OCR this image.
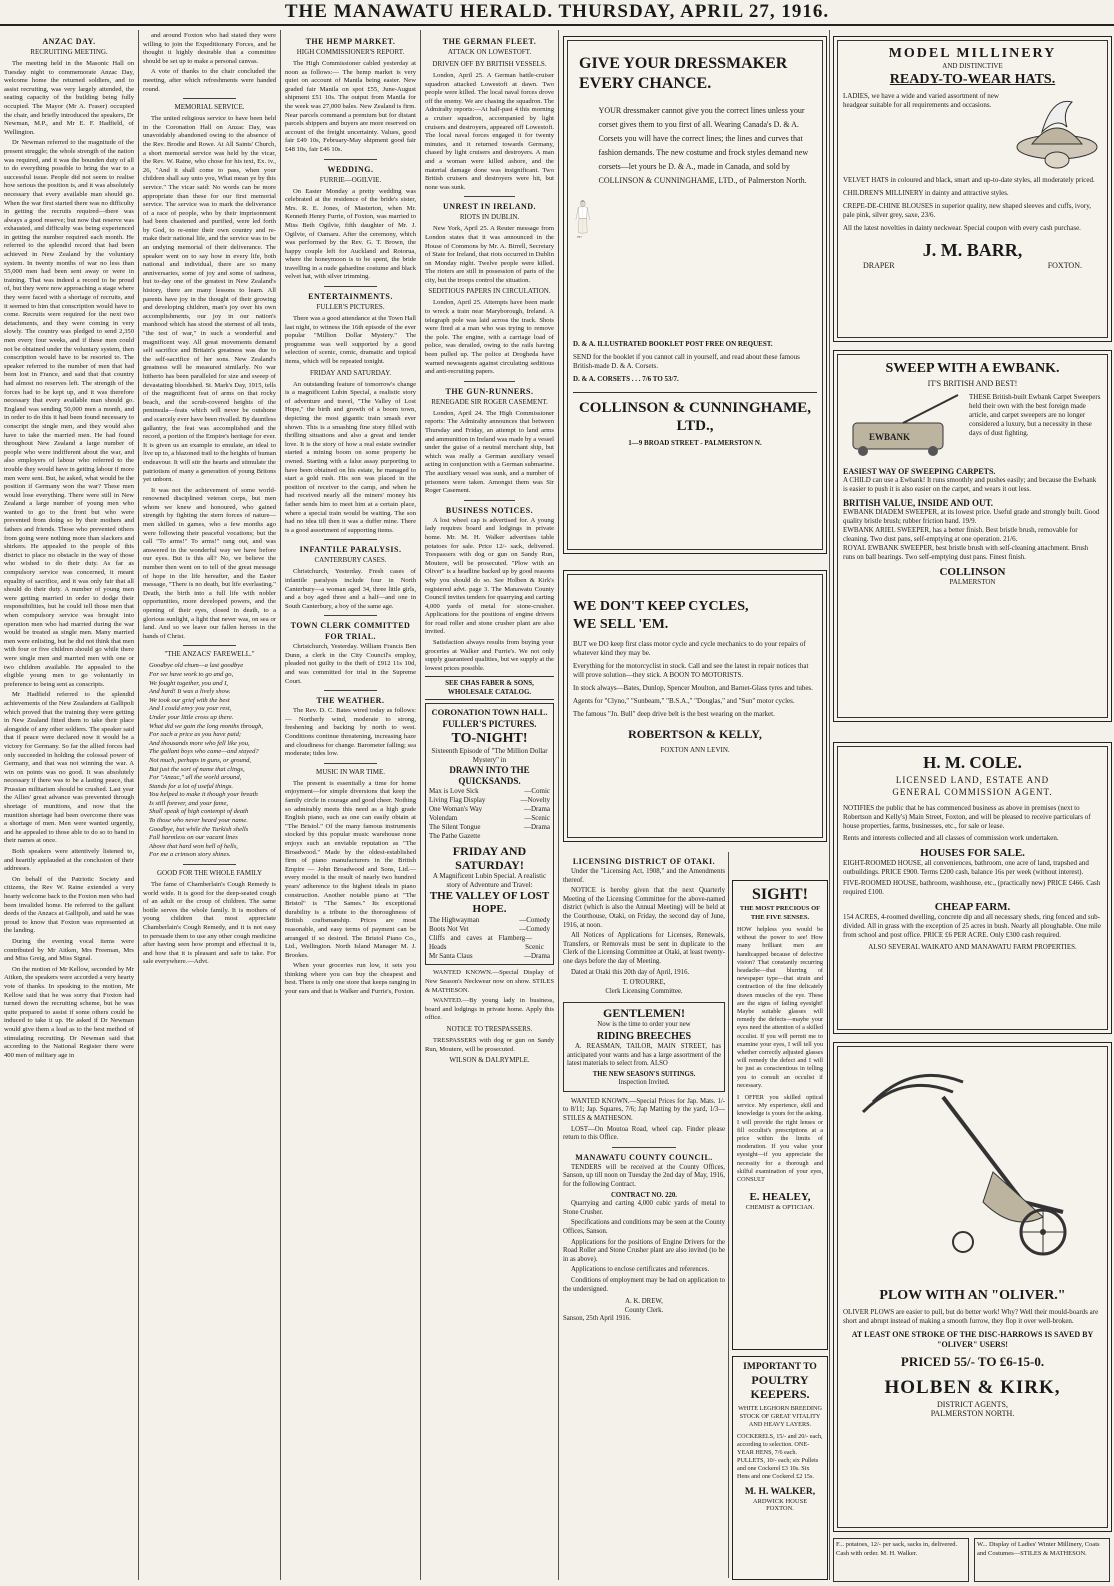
THE MANAWATU HERALD. THURSDAY, APRIL 27, 1916.
ANZAC DAY.
RECRUITING MEETING.

The meeting held in the Masonic Hall on Tuesday night to commemorate Anzac Day, welcome home the returned soldiers, and to assist recruiting, was very largely attended, the seating capacity of the building being fully occupied. The Mayor (Mr A. Fraser) occupied the chair, and briefly introduced the speakers, Dr Newman, M.P., and Mr E. F. Hadfield, of Wellington.

Dr Newman referred to the magnitude of the present struggle; the whole strength of the nation was required, and it was the bounden duty of all to do everything possible to bring the war to a successful issue. People did not seem to realise how serious the position is, and it was absolutely necessary that every available man should go. When the war first started there was no difficulty in getting the recruits required—there was always a good reserve; but now that reserve was exhausted, and difficulty was being experienced in getting the number required each month. He referred to the splendid record that had been achieved in New Zealand by the voluntary system. In twenty months of war no less than 55,000 men had been sent away or were in training. That was indeed a record to be proud of, but they were now approaching a stage where they were faced with a shortage of recruits, and it seemed to him that conscription would have to come. Recruits were required for the next two detachments, and they were coming in very slowly. The country was pledged to send 2,350 men every four weeks, and if these men could not be obtained under the voluntary system, then conscription would have to be resorted to. The speaker referred to the number of men that had been lost in France, and said that that country had almost no reserves left. The strength of the forces had to be kept up, and it was therefore necessary that every available man should go. England was sending 50,000 men a month, and in order to do this it had been found necessary to conscript the single men, and they would also have to take the married men. He had found throughout New Zealand a large number of people who were indifferent about the war, and also employers of labour who referred to the trouble they would have in getting labour if more men were sent. But, he asked, what would be the position if Germany won the war? These men would lose everything. There were still in New Zealand a large number of young men who wanted to go to the front but who were prevented from doing so by their mothers and fathers and friends. Those who prevented others from going were nothing more than slackers and shirkers. He appealed to the people of this district to place no obstacle in the way of those who wished to do their duty. As far as compulsory service was concerned, it meant equality of sacrifice, and it was only fair that all should do their duty. A number of young men were getting married in order to dodge their responsibilities, but he could tell those men that when compulsory service was brought into operation men who had married during the war would be treated as single men. Many married men were enlisting, but he did not think that men with four or five children should go while there were single men and married men with one or two children available. He appealed to the eligible young men to go voluntarily in preference to being sent as conscripts.

Mr Hadfield referred to the splendid achievements of the New Zealanders at Gallipoli which proved that the training they were getting in New Zealand fitted them to take their place alongside of any other soldiers. The speaker said that if peace were declared now it would be a victory for Germany. So far the allied forces had only succeeded in holding the colossal power of Germany, and that was not winning the war. A win on points was no good. It was absolutely necessary if there was to be a lasting peace, that Prussian militarism should be crushed. Last year the Allies' great advance was prevented through shortage of munitions, and now that the munition shortage had been overcome there was a shortage of men. Men were wanted urgently, and he appealed to those able to do so to band in their names at once.

Both speakers were attentively listened to, and heartily applauded at the conclusion of their addresses.

On behalf of the Patriotic Society and citizens, the Rev W. Raine extended a very hearty welcome back to the Foxton men who had been invalided home. He referred to the gallant deeds of the Anzacs at Gallipoli, and said he was proud to know that Foxton was represented at the landing.

During the evening vocal items were contributed by Mr Aitken, Mrs Freeman, Mrs and Miss Greig, and Miss Signal.

On the motion of Mr Kellow, seconded by Mr Aitken, the speakers were accorded a very hearty vote of thanks. In speaking to the motion, Mr Kellow said that he was sorry that Foxton had turned down the recruiting scheme, but he was quite prepared to assist if some others could be induced to take it up. He asked if Dr Newman would give them a lead as to the best method of stimulating recruiting. Dr Newman said that according to the National Register there were 400 men of military age in

and around Foxton who had stated they were willing to join the Expeditionary Forces, and he thought it highly desirable that a committee should be set up to make a personal canvas.

A vote of thanks to the chair concluded the meeting, after which refreshments were handed round.

MEMORIAL SERVICE.

The united religious service to have been held in the Coronation Hall on Anzac Day, was unavoidably abandoned owing to the absence of the Rev. Brodie and Rowe. At All Saints' Church, a short memorial service was held by the vicar, the Rev. W. Raine, who chose for his text, Ex. iv., 26, "And it shall come to pass, when your children shall say unto you, What mean ye by this service." The vicar said: No words can be more appropriate than these for our first memorial service. The service was to mark the deliverance of a race of people, who by their imprisonment had been chastened and purified, were led forth by God, to re-enter their own country and re-make their national life, and the service was to be an undying memorial of their deliverance. The speaker went on to say how in every life, both national and individual, there are so many anniversaries, some of joy and some of sadness, but to-day one of the greatest in New Zealand's history, there are many lessons to learn. All parents have joy in the thought of their growing and developing children, man's joy over his own accomplishments, our joy in our nation's manhood which has stood the sternest of all tests, "the test of war," in such a wonderful and magnificent way. All great movements demand self sacrifice and Britain's greatness was due to the self-sacrifice of her sons. New Zealand's greatness will be measured similarly. No war hitherto has been paralleled for size and sweep of devastating bloodshed. St. Mark's Day, 1915, tells of the magnificent feat of arms on that rocky beach, and the scrub-covered heights of the peninsula—feats which will never be outshone and scarcely ever have been rivalled. By dauntless gallantry, the feat was accomplished and the record, a portion of the Empire's heritage for ever. It is given us an example to emulate, an ideal to live up to, a blazoned trail to the heights of human endeavour. It will stir the hearts and stimulate the patriotism of many a generation of young Britons yet unborn.

It was not the achievement of some world-renowned disciplined veteran corps, but men whom we knew and honoured, who gained strength by fighting the stern forces of nature—men skilled in games, who a few months ago were following their peaceful vocations; but the call "To arms!" To arms!" rang out, and was answered in the wonderful way we have before our eyes. But is this all? No, we believe the number then went on to tell of the great message of hope in the life hereafter, and the Easter message, "There is no death, but life everlasting." Death, the birth into a full life with nobler opportunities, more developed powers, and the opening of their eyes, closed in death, to a glorious sunlight, a light that never was, on sea or land. And so we leave our fallen heroes in the hands of Christ.

"THE ANZACS' FAREWELL."
Goodbye old chum—a last goodbye
For we have work to go and go,
We fought together, you and I,
And hard! It was a lively show.
We took our grief with the best
And I could envy you your rest,
Under your little cross up there.
What did we gain the long months through,
For such a price as you have paid;
And thousands more who fell like you,
The gallant boys who came—and stayed?
Not much, perhaps in guns, or ground,
But just the sort of name that clings,
For "Anzac," all the world around,
Stands for a lot of useful things.
You helped to make it though your breath
Is still forever, and your fame,
Shall speak of high contempt of death
To those who never heard your name.
Goodbye, but while the Turkish shells
Fall harmless on our vacant lines
Above that hard won hell of hells,
For me a crimson story shines.
GOOD FOR THE WHOLE FAMILY

The fame of Chamberlain's Cough Remedy is world wide. It is good for the deep-seated cough of an adult or the croup of children. The same bottle serves the whole family. It is mothers of young children that most appreciate Chamberlain's Cough Remedy, and it is not easy to persuade them to use any other cough medicine after having seen how prompt and effectual it is, and how that it is pleasant and safe to take. For sale everywhere.—Advt.

THE HEMP MARKET.
HIGH COMMISSIONER'S REPORT.

The High Commissioner cabled yesterday at noon as follows:— The hemp market is very quiet on account of Manila being easier. New graded fair Manila on spot £55, June-August shipment £51 10s. The output from Manila for the week was 27,000 bales. New Zealand is firm. Near parcels command a premium but for distant parcels shippers and buyers are more reserved on account of the freight uncertainty. Values, good fair £49 10s, February-May shipment good fair £48 10s, fair £46 10s.

WEDDING.
FURRIE—OGILVIE.

On Easter Monday a pretty wedding was celebrated at the residence of the bride's sister, Mrs. R. E. Jones, of Masterton, when Mr. Kenneth Henry Furrie, of Foxton, was married to Miss Beth Ogilvie, fifth daughter of Mr. J. Ogilvie, of Oamaru. After the ceremony, which was performed by the Rev. G. T. Brown, the happy couple left for Auckland and Rotorua, where the honeymoon is to be spent, the bride travelling in a nude gabardine costume and black velvet hat, with silver trimming.

ENTERTAINMENTS.
FULLER'S PICTURES.

There was a good attendance at the Town Hall last night, to witness the 16th episode of the ever popular "Million Dollar Mystery." The programme was well supported by a good selection of scenic, comic, dramatic and topical items, which will be repeated tonight.

FRIDAY AND SATURDAY.

An outstanding feature of tomorrow's change is a magnificent Lubin Special, a realistic story of adventure and travel, "The Valley of Lost Hope," the birth and growth of a boom town, depicting the most gigantic train smash ever shown. This is a smashing fine story filled with thrilling situations and also a great and tender love. It is the story of how a real estate swindler started a mining boom on some property he owned. Starting with a false assay purporting to have been obtained on his estate, he managed to start a gold rush. His son was placed in the position of receiver to the camp, and when he had received nearly all the miners' money his father sends him to meet him at a certain place, where a special train would be waiting. The son had no idea till then it was a duffer mine. There is a good assortment of supporting items.

INFANTILE PARALYSIS.
CANTERBURY CASES.

Christchurch, Yesterday. Fresh cases of infantile paralysis include four in North Canterbury—a woman aged 34, three little girls, and a boy aged three and a half—and one in South Canterbury, a boy of the same age.

TOWN CLERK COMMITTED FOR TRIAL.

Christchurch, Yesterday. William Francis Ben Dunn, a clerk in the City Council's employ, pleaded not guilty to the theft of £912 11s 10d, and was committed for trial in the Supreme Court.

THE WEATHER.

The Rev. D. C. Bates wired today as follows:— Northerly wind, moderate to strong, freshening and backing by north to west. Conditions continue threatening, increasing haze and cloudiness for change. Barometer falling; sea moderate; tides low.

MUSIC IN WAR TIME.

The present is essentially a time for home enjoyment—for simple diversions that keep the family circle in courage and good cheer. Nothing so admirably meets this need as a high grade English piano, such as one can easily obtain at "The Bristol." Of the many famous instruments stocked by this popular music warehouse none enjoys such an enviable reputation as "The Broadwood." Made by the oldest-established firm of piano manufacturers in the British Empire — John Broadwood and Sons, Ltd.— every model is the result of nearly two hundred years' adherence to the highest ideals in piano construction. Another notable piano at "The Bristol" is "The Sames." Its exceptional durability is a tribute to the thoroughness of British craftsmanship. Prices are most reasonable, and easy terms of payment can be arranged if so desired. The Bristol Piano Co., Ltd., Wellington. North Island Manager M. J. Brookes.

When your groceries run low, it sets you thinking where you can buy the cheapest and best. There is only one store that keeps ranging in your ears and that is Walker and Furrie's, Foxton.

THE GERMAN FLEET.
ATTACK ON LOWESTOFT.
DRIVEN OFF BY BRITISH VESSELS.

London, April 25. A German battle-cruiser squadron attacked Lowestoft at dawn. Two people were killed. The local naval forces drove off the enemy. We are chasing the squadron. The Admiralty reports:—At half-past 4 this morning a cruiser squadron, accompanied by light cruisers and destroyers, appeared off Lowestoft. The local naval forces engaged it for twenty minutes, and it returned towards Germany, chased by light cruisers and destroyers. A man and a woman were killed ashore, and the material damage done was insignificant. Two British cruisers and destroyers were hit, but none was sunk.

UNREST IN IRELAND.
RIOTS IN DUBLIN.

New York, April 25. A Reuter message from London states that it was announced in the House of Commons by Mr. A. Birrell, Secretary of State for Ireland, that riots occurred in Dublin on Monday night. Twelve people were killed. The rioters are still in possession of parts of the city, but the troops control the situation.

SEDITIOUS PAPERS IN CIRCULATION.

London, April 25. Attempts have been made to wreck a train near Maryborough, Ireland. A telegraph pole was laid across the track. Shots were fired at a man who was trying to remove the pole. The engine, with a carriage load of police, was derailed, owing to the rails having been pulled up. The police at Drogheda have warned newsagents against circulating seditious and anti-recruiting papers.

THE GUN-RUNNERS.
RENEGADE SIR ROGER CASEMENT.

London, April 24. The High Commissioner reports: The Admiralty announces that between Thursday and Friday, an attempt to land arms and ammunition in Ireland was made by a vessel under the guise of a neutral merchant ship, but which was really a German auxiliary vessel acting in conjunction with a German submarine. The auxiliary vessel was sunk, and a number of prisoners were taken. Amongst them was Sir Roger Casement.

BUSINESS NOTICES.

A lost wheel cap is advertised for. A young lady requires board and lodgings in private home. Mr. M. H. Walker advertises table potatoes for sale. Price 12/- sack, delivered. Trespassers with dog or gun on Sandy Run, Moutere, will be prosecuted. "Plow with an Oliver" is a headline backed up by good reasons why you should do so. See Holben & Kirk's registered advt. page 3. The Manawatu County Council invites tenders for quarrying and carting 4,000 yards of metal for stone-crusher. Applications for the positions of engine drivers for road roller and stone crusher plant are also invited.

Satisfaction always results from buying your groceries at Walker and Furrie's. We not only supply guaranteed qualities, but we supply at the lowest prices possible.

SEE CHAS FABER & SONS, WHOLESALE CATALOG.
CORONATION TOWN HALL.
FULLER'S PICTURES.
TO-NIGHT!
Sixteenth Episode of "The Million Dollar Mystery" in
DRAWN INTO THE QUICKSANDS.
Max is Love Sick	—Comic
Living Flag Display	—Novelty
One Woman's Way	—Drama
Volendam	—Scenic
The Silent Tongue	—Drama
The Pathe Gazette
FRIDAY AND SATURDAY!
A Magnificent Lubin Special. A realistic story of Adventure and Travel:
THE VALLEY OF LOST HOPE.
The Highwayman	—Comedy
Boots Not Vet	—Comedy
Cliffs and caves at Flamberg Heads
—Scenic
Mr Santa Claus	—Drama

WANTED KNOWN.—Special Display of New Season's Neckwear now on show. STILES & MATHESON.

WANTED.—By young lady in business, board and lodgings in private home. Apply this office.

NOTICE TO TRESPASSERS.

TRESPASSERS with dog or gun on Sandy Run, Moutere, will be prosecuted.

WILSON & DALRYMPLE.
GIVE YOUR DRESSMAKER EVERY CHANCE.
D&A
YOUR dressmaker cannot give you the correct lines unless your corset gives them to you first of all. Wearing Canada's D. & A. Corsets you will have the correct lines; the lines and curves that fashion demands. The new costume and frock styles demand new corsets—let yours be D. & A., made in Canada, and sold by COLLINSON & CUNNINGHAME, LTD., of Palmerston North.
D. & A. ILLUSTRATED BOOKLET POST FREE ON REQUEST.
SEND for the booklet if you cannot call in yourself, and read about these famous British-made D. & A. Corsets.
D. & A. CORSETS . . . 7/6 TO 53/7.
COLLINSON & CUNNINGHAME, LTD.,
1—9 BROAD STREET - PALMERSTON N.
WE DON'T KEEP CYCLES,
WE SELL 'EM.
BUT we DO keep first class motor cycle and cycle mechanics to do your repairs of whatever kind they may be.
Everything for the motorcyclist in stock. Call and see the latest in repair notices that will prove solution—they stick. A BOON TO MOTORISTS.
In stock always—Bates, Dunlop, Spencer Moulton, and Barnet-Glass tyres and tubes.
Agents for "Clyno," "Sunbeam," "B.S.A.," "Douglas," and "Sun" motor cycles.
The famous "Jn. Bull" deep drive belt is the best wearing on the market.
ROBERTSON & KELLY,
FOXTON ANN LEVIN.
LICENSING DISTRICT OF OTAKI.

Under the "Licensing Act, 1908," and the Amendments thereof.

NOTICE is hereby given that the next Quarterly Meeting of the Licensing Committee for the above-named district (which is also the Annual Meeting) will be held at the Courthouse, Otaki, on Friday, the second day of June, 1916, at noon.

All Notices of Applications for Licenses, Renewals, Transfers, or Removals must be sent in duplicate to the Clerk of the Licensing Committee at Otaki, at least twenty-one days before the day of Meeting.

Dated at Otaki this 20th day of April, 1916.

T. O'ROURKE,
Clerk Licensing Committee.
GENTLEMEN!
Now is the time to order your new
RIDING BREECHES

A. REASMAN, TAILOR, MAIN STREET, has anticipated your wants and has a large assortment of the latest materials to select from. ALSO

THE NEW SEASON'S SUITINGS.
Inspection Invited.

WANTED KNOWN.—Special Prices for Jap. Mats. 1/- to 8/11; Jap. Squares, 7/6; Jap Matting by the yard, 1/3—STILES & MATHESON.

LOST—On Moutoa Road, wheel cap. Finder please return to this Office.

MANAWATU COUNTY COUNCIL.

TENDERS will be received at the County Offices, Sanson, up till noon on Tuesday the 2nd day of May, 1916, for the following Contract.

CONTRACT NO. 220.

Quarrying and carting 4,000 cubic yards of metal to Stone Crusher.

Specifications and conditions may be seen at the County Offices, Sanson.

Applications for the positions of Engine Drivers for the Road Roller and Stone Crusher plant are also invited (to be in as above).

Applications to enclose certificates and references.

Conditions of employment may be had on application to the undersigned.

A. K. DREW,
County Clerk.
Sanson, 25th April 1916.
SIGHT!
THE MOST PRECIOUS OF THE FIVE SENSES.
HOW helpless you would be without the power to see! How many brilliant men are handicapped because of defective vision? That constantly recurring headache—that blurring of newspaper type—that strain and contraction of the fine delicately drawn muscles of the eye. These are the signs of failing eyesight! Maybe suitable glasses will remedy the defects—maybe your eyes need the attention of a skilled occulist. If you will permit me to examine your eyes, I will tell you whether correctly adjusted glasses will remedy the defect and I will be just as conscientious in telling you to consult an occulist if necessary.
I OFFER you skilled optical service. My experience, skill and knowledge is yours for the asking. I will provide the right lenses or fill occulist's prescriptions at a price within the limits of moderation. If you value your eyesight—if you appreciate the necessity for a thorough and skilful examination of your eyes, CONSULT
E. HEALEY,
CHEMIST & OPTICIAN.
IMPORTANT TO
POULTRY
KEEPERS.
WHITE LEGHORN BREEDING STOCK OF GREAT VITALITY AND HEAVY LAYERS.
COCKERELS, 15/- and 20/- each, according to selection. ONE-YEAR HENS, 7/6 each. PULLETS, 10/- each; six Pullets and one Cockerel £3 10s. Six Hens and one Cockerel £2 15s.
M. H. WALKER,
ARDWICK HOUSE
FOXTON.
MODEL MILLINERY
AND DISTINCTIVE
READY-TO-WEAR HATS.
LADIES, we have a wide and varied assortment of new headgear suitable for all requirements and occasions.
VELVET HATS in coloured and black, smart and up-to-date styles, all moderately priced.
CHILDREN'S MILLINERY in dainty and attractive styles.
CREPE-DE-CHINE BLOUSES in superior quality, new shaped sleeves and cuffs, ivory, pale pink, silver grey, saxe, 23/6.
All the latest novelties in dainty neckwear. Special coupon with every cash purchase.
J. M. BARR,
DRAPER	FOXTON.
SWEEP WITH A EWBANK.
IT'S BRITISH AND BEST!
EWBANK
THESE British-built Ewbank Carpet Sweepers held their own with the best foreign made article, and carpet sweepers are no longer considered a luxury, but a necessity in these days of dust fighting.
EASIEST WAY OF SWEEPING CARPETS.
A CHILD can use a Ewbank! It runs smoothly and pushes easily; and because the Ewbank is easier to push it is also easier on the carpet, and wears it out less.
BRITISH VALUE, INSIDE AND OUT.
EWBANK DIADEM SWEEPER, at its lowest price. Useful grade and strongly built. Good quality bristle brush; rubber friction band. 19/9.
EWBANK ARIEL SWEEPER, has a better finish. Best bristle brush, removable for cleaning. Two dust pans, self-emptying at one operation. 21/6.
ROYAL EWBANK SWEEPER, best bristle brush with self-cleaning attachment. Brush runs on ball bearings. Two self-emptying dust pans. Finest finish.
COLLINSON
PALMERSTON
H. M. COLE.
LICENSED LAND, ESTATE AND
GENERAL COMMISSION AGENT.
NOTIFIES the public that he has commenced business as above in premises (next to Robertson and Kelly's) Main Street, Foxton, and will be pleased to receive particulars of house properties, farms, businesses, etc., for sale or lease.
Rents and interests collected and all classes of commission work undertaken.
HOUSES FOR SALE.
EIGHT-ROOMED HOUSE, all conveniences, bathroom, one acre of land, trapshed and outbuildings. PRICE £900. Terms £200 cash, balance 16s per week (without interest).
FIVE-ROOMED HOUSE, bathroom, washhouse, etc., (practically new) PRICE £466. Cash required £100.
CHEAP FARM.
154 ACRES, 4-roomed dwelling, concrete dip and all necessary sheds, ring fenced and sub-divided. All in grass with the exception of 25 acres in bush. Nearly all ploughable. One mile from school and post office. PRICE £6 PER ACRE. Only £300 cash required.
ALSO SEVERAL WAIKATO AND MANAWATU FARM PROPERTIES.
PLOW WITH AN "OLIVER."
OLIVER PLOWS are easier to pull, but do better work! Why? Well their mould-boards are short and abrupt instead of making a smooth furrow, they flop it over well-broken.
AT LEAST ONE STROKE OF THE DISC-HARROWS IS SAVED BY "OLIVER" USERS!
PRICED 55/- TO £6-15-0.
HOLBEN & KIRK,
DISTRICT AGENTS,
PALMERSTON NORTH.
F... potatoes, 12/- per sack, sacks in, delivered. Cash with order. M. H. Walker.
W... Display of Ladies' Winter Millinery, Coats and Costumes—STILES & MATHESON.
